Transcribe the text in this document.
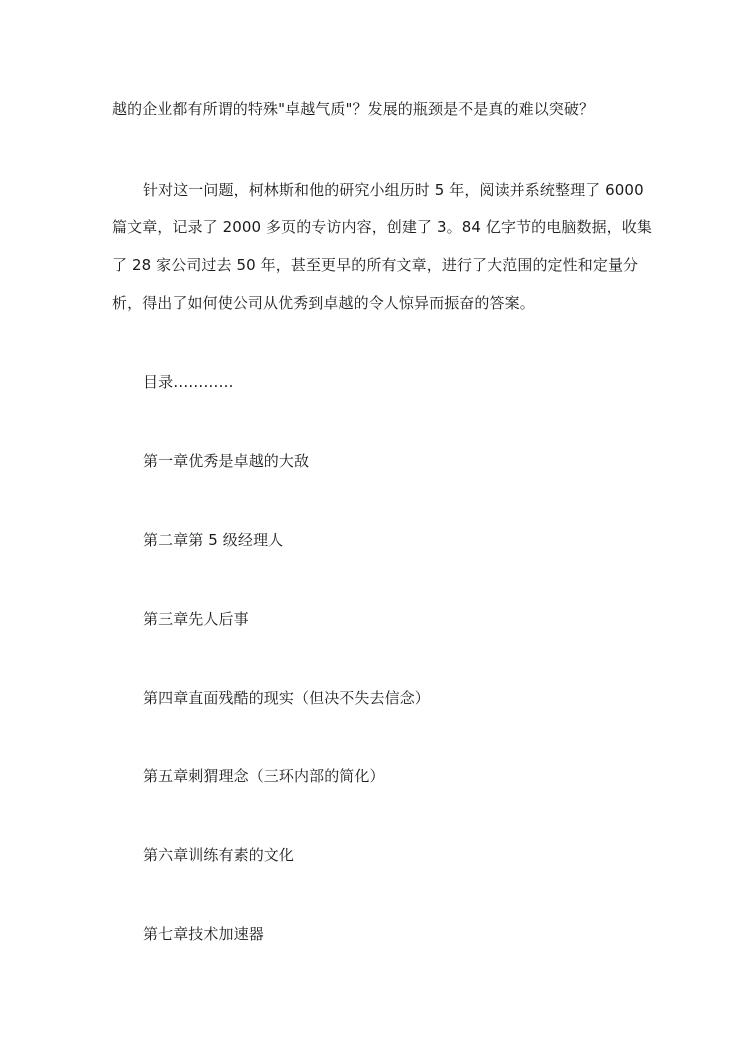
越的企业都有所谓的特殊"卓越气质"？发展的瓶颈是不是真的难以突破？
针对这一问题，柯林斯和他的研究小组历时 5 年，阅读并系统整理了 6000
篇文章，记录了 2000 多页的专访内容，创建了 3。84 亿字节的电脑数据，收集
了 28 家公司过去 50 年，甚至更早的所有文章，进行了大范围的定性和定量分
析，得出了如何使公司从优秀到卓越的令人惊异而振奋的答案。
目录…………
第一章优秀是卓越的大敌
第二章第 5 级经理人
第三章先人后事
第四章直面残酷的现实（但决不失去信念）
第五章刺猬理念（三环内部的简化）
第六章训练有素的文化
第七章技术加速器
